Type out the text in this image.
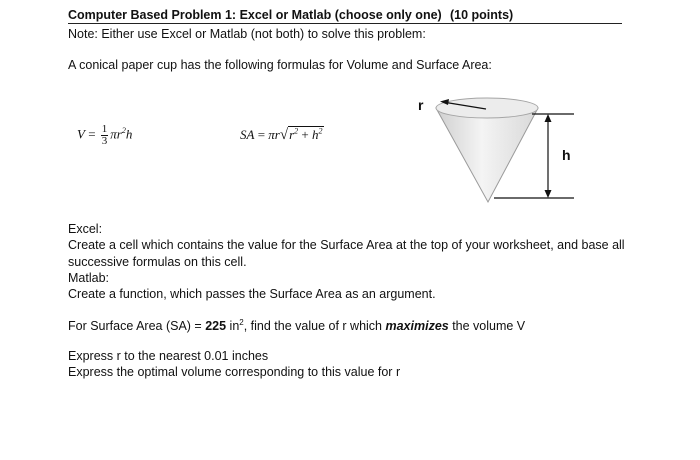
Computer Based Problem 1: Excel or Matlab (choose only one) (10 points)
Note: Either use Excel or Matlab (not both) to solve this problem:
A conical paper cup has the following formulas for Volume and Surface Area:
$V = \frac{1}{3} \pi r^2h$	SA = $\pi r√r^2 + h^2$
r
h
Excel:
Create a cell which contains the value for the Surface Area at the top of your worksheet, and base all
successive formulas on this cell.
Matlab:
Create a function, which passes the Surface Area as an argument.
For Surface Area (SA) = 225 $in^2$, find the value of r which maximizes the volume V
Express r to the nearest 0.01 inches
Express the optimal volume corresponding to this value for r
